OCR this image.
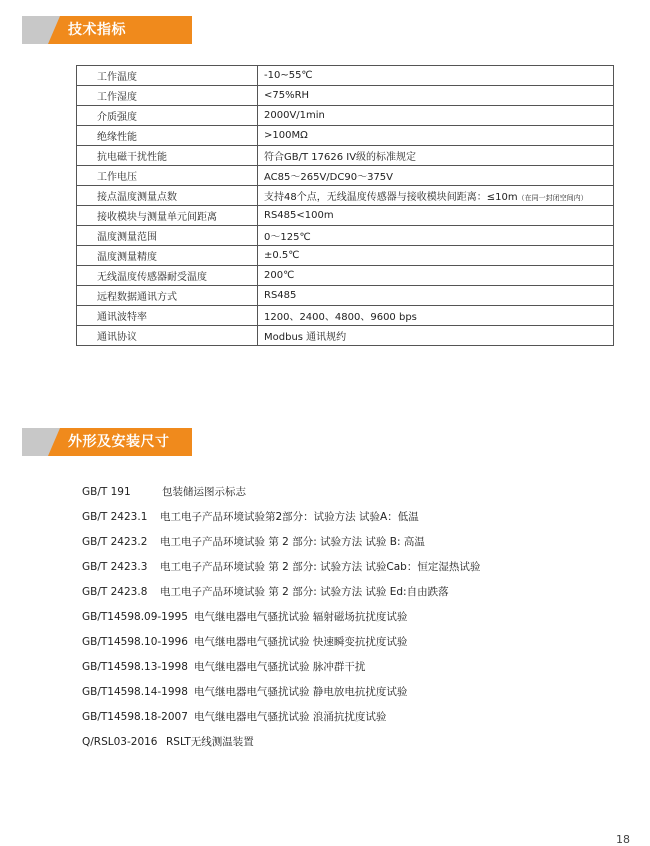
技术指标
工作温度	-10~55℃
工作湿度	<75%RH
介质强度	2000V/1min
绝缘性能	>100MΩ
抗电磁干扰性能	符合GB/T 17626 IV级的标准规定
工作电压	AC85～265V/DC90～375V
接点温度测量点数	支持48个点，无线温度传感器与接收模块间距离：≤10m（在同一封闭空间内）
接收模块与测量单元间距离	RS485<100m
温度测量范围	0～125℃
温度测量精度	±0.5℃
无线温度传感器耐受温度	200℃
远程数据通讯方式	RS485
通讯波特率	1200、2400、4800、9600 bps
通讯协议	Modbus 通讯规约
外形及安装尺寸
GB/T 191	包装储运图示标志
GB/T 2423.1 电工电子产品环境试验第2部分：试验方法 试验A：低温
GB/T 2423.2 电工电子产品环境试验 第 2 部分: 试验方法 试验 B: 高温
GB/T 2423.3 电工电子产品环境试验 第 2 部分: 试验方法 试验Cab：恒定湿热试验
GB/T 2423.8 电工电子产品环境试验 第 2 部分: 试验方法 试验 Ed:自由跌落
GB/T14598.09-1995 电气继电器电气骚扰试验 辐射磁场抗扰度试验
GB/T14598.10-1996 电气继电器电气骚扰试验 快速瞬变抗扰度试验
GB/T14598.13-1998 电气继电器电气骚扰试验 脉冲群干扰
GB/T14598.14-1998 电气继电器电气骚扰试验 静电放电抗扰度试验
GB/T14598.18-2007 电气继电器电气骚扰试验 浪涌抗扰度试验
Q/RSL03-2016 RSLT无线测温装置
18
